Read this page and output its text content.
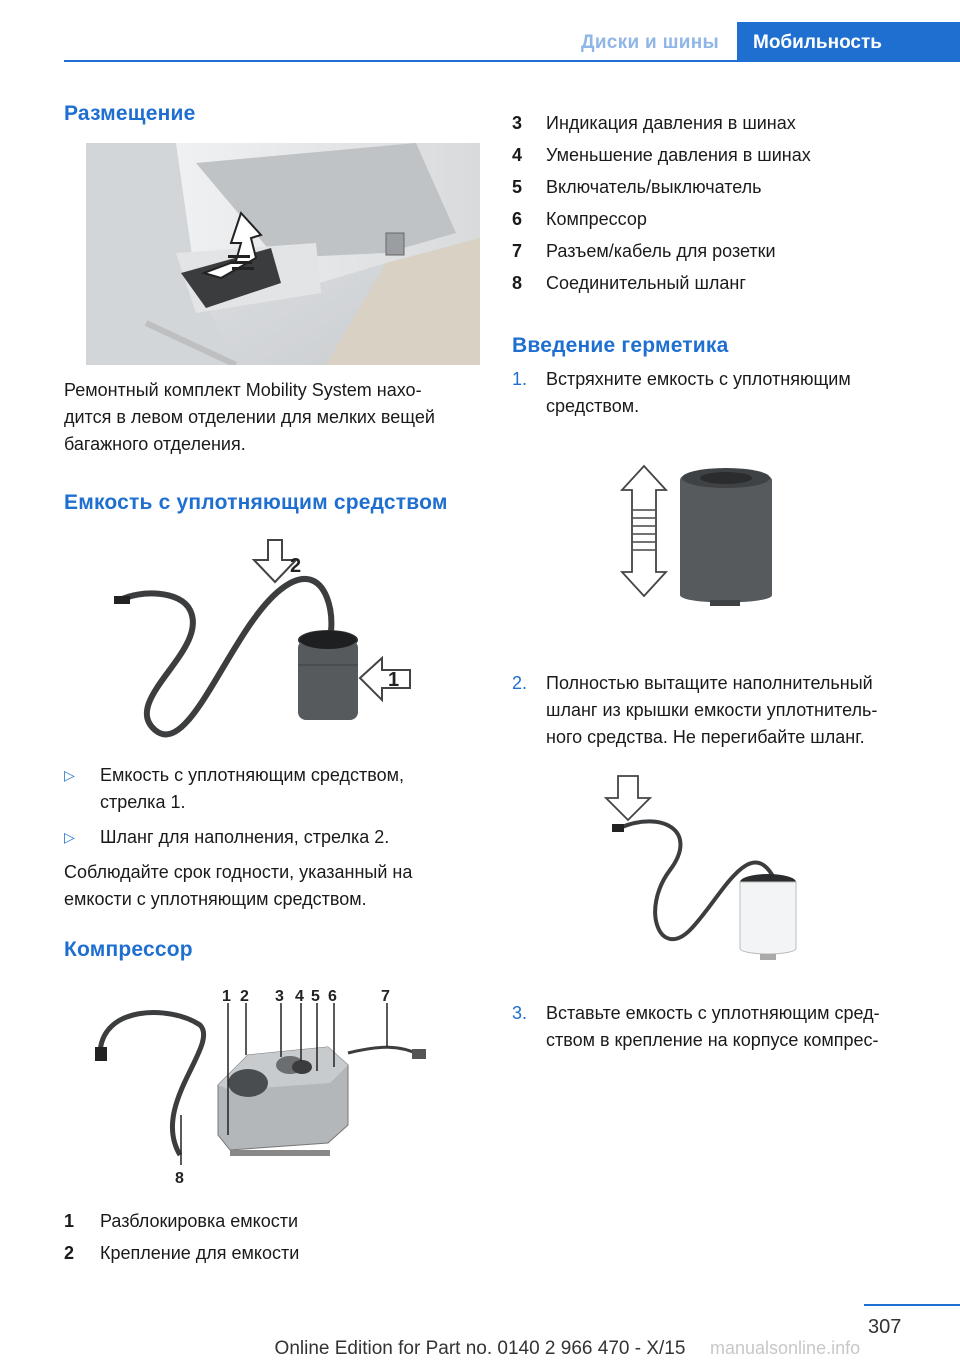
Диски и шины	Мобильность
Размещение
Ремонтный комплект Mobility System нахо-
дится в левом отделении для мелких вещей
багажного отделения.
Емкость с уплотняющим средством
2
1
▷ Емкость с уплотняющим средством,
стрелка 1.
▷ Шланг для наполнения, стрелка 2.
Соблюдайте срок годности, указанный на
емкости с уплотняющим средством.
Компрессор
1 2 3 4 5 6	7
8
1 Разблокировка емкости
2 Крепление для емкости
3 Индикация давления в шинах
4 Уменьшение давления в шинах
5 Включатель/выключатель
6 Компрессор
7 Разъем/кабель для розетки
8 Соединительный шланг
Введение герметика
1. Встряхните емкость с уплотняющим
средством.
2. Полностью вытащите наполнительный
шланг из крышки емкости уплотнитель-
ного средства. Не перегибайте шланг.
3. Вставьте емкость с уплотняющим сред-
ством в крепление на корпусе компрес-
307
Online Edition for Part no. 0140 2 966 470 - X/15	manualsonline.info
